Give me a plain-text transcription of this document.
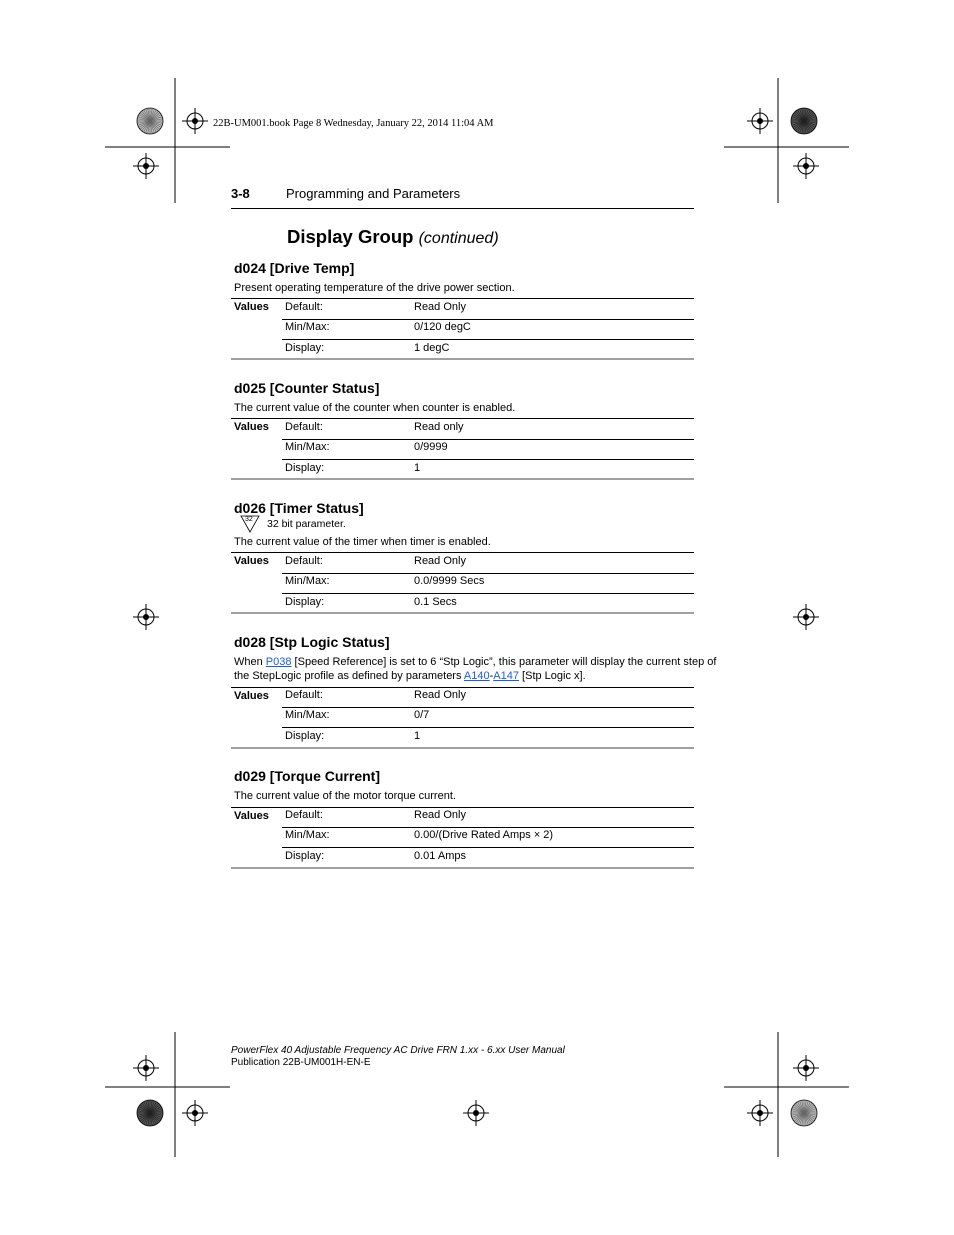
22B-UM001.book Page 8 Wednesday, January 22, 2014 11:04 AM
3-8	Programming and Parameters
Display Group (continued)
d024 [Drive Temp]
Present operating temperature of the drive power section.
Values Default:	Read Only
Min/Max:	0/120 degC
Display:	1 degC
d025 [Counter Status]
The current value of the counter when counter is enabled.
Values Default:	Read only
Min/Max:	0/9999
Display:	1
d026 [Timer Status]
32 32 bit parameter.
The current value of the timer when timer is enabled.
Values Default:	Read Only
Min/Max:	0.0/9999 Secs
Display:	0.1 Secs
d028 [Stp Logic Status]
When P038 [Speed Reference] is set to 6 “Stp Logic”, this parameter will display the current step of
the StepLogic profile as defined by parameters A140-A147 [Stp Logic x].
Values Default:	Read Only
Min/Max:	0/7
Display:	1
d029 [Torque Current]
The current value of the motor torque current.
Values Default:	Read Only
Min/Max:	0.00/(Drive Rated Amps × 2)
Display:	0.01 Amps
PowerFlex 40 Adjustable Frequency AC Drive FRN 1.xx - 6.xx User Manual
Publication 22B-UM001H-EN-E
